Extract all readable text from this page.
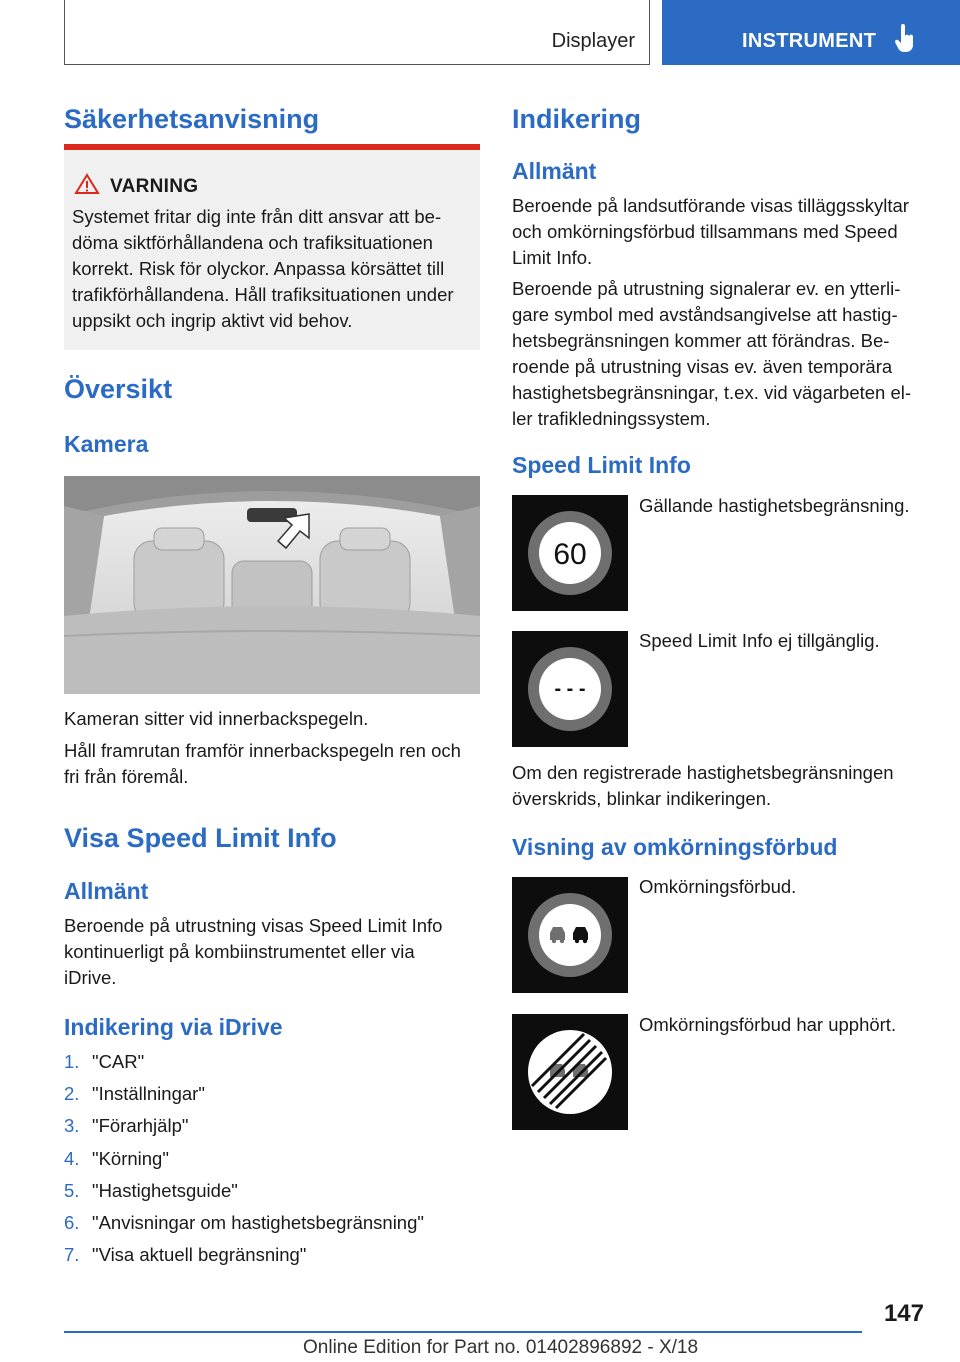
Displayer	INSTRUMENT
Säkerhetsanvisning
VARNING
Systemet fritar dig inte från ditt ansvar att be-
döma siktförhållandena och trafiksituationen
korrekt. Risk för olyckor. Anpassa körsättet till
trafikförhållandena. Håll trafiksituationen under
uppsikt och ingrip aktivt vid behov.
Översikt
Kamera
Kameran sitter vid innerbackspegeln.
Håll framrutan framför innerbackspegeln ren och
fri från föremål.
Visa Speed Limit Info
Allmänt
Beroende på utrustning visas Speed Limit Info
kontinuerligt på kombiinstrumentet eller via
iDrive.
Indikering via iDrive
1. "CAR"
2. "Inställningar"
3. "Förarhjälp"
4. "Körning"
5. "Hastighetsguide"
6. "Anvisningar om hastighetsbegränsning"
7. "Visa aktuell begränsning"
Indikering
Allmänt
Beroende på landsutförande visas tilläggsskyltar
och omkörningsförbud tillsammans med Speed
Limit Info.
Beroende på utrustning signalerar ev. en ytterli-
gare symbol med avståndsangivelse att hastig-
hetsbegränsningen kommer att förändras. Be-
roende på utrustning visas ev. även temporära
hastighetsbegränsningar, t.ex. vid vägarbeten el-
ler trafikledningssystem.
Speed Limit Info
60
Gällande hastighetsbegränsning.
- - -
Speed Limit Info ej tillgänglig.
Om den registrerade hastighetsbegränsningen
överskrids, blinkar indikeringen.
Visning av omkörningsförbud
Omkörningsförbud.
Omkörningsförbud har upphört.
147
Online Edition for Part no. 01402896892 - X/18
